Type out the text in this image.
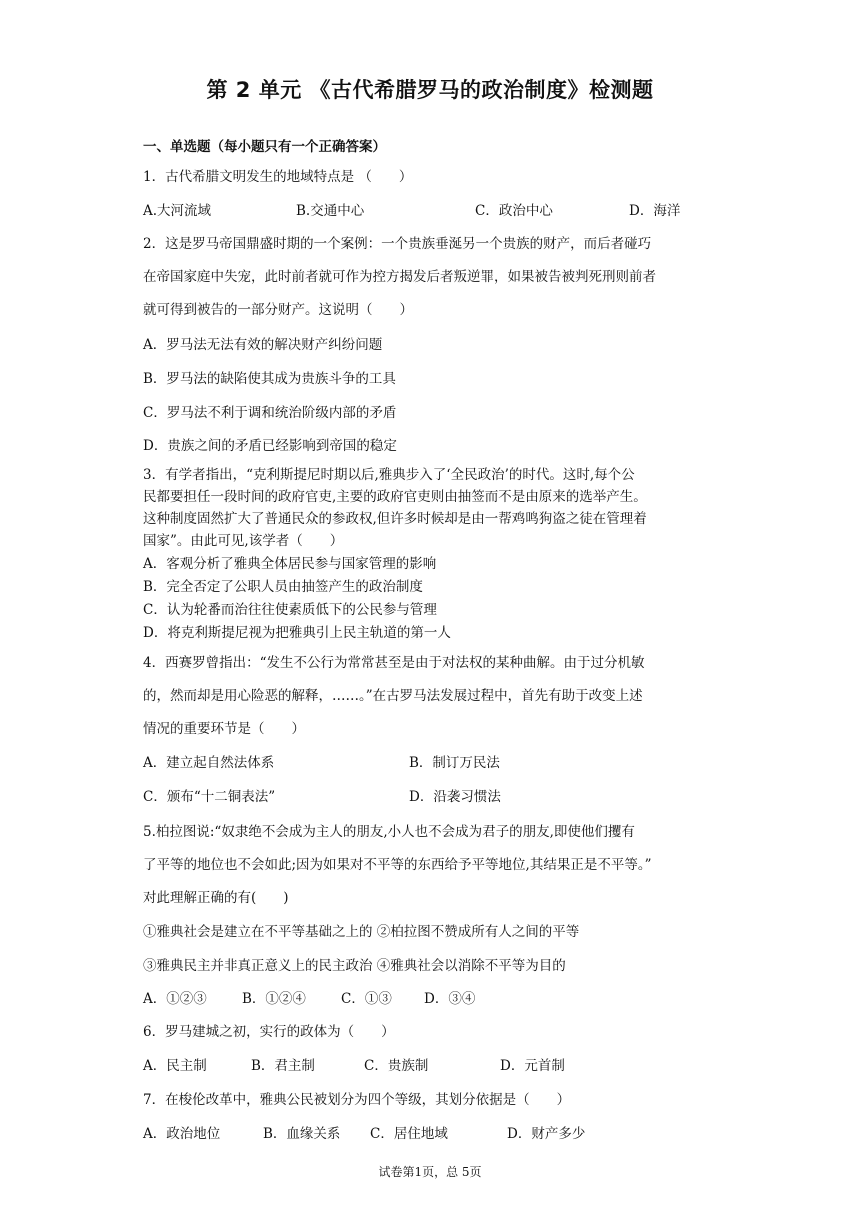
第 2 单元 《古代希腊罗马的政治制度》检测题
一、单选题（每小题只有一个正确答案）
1．古代希腊文明发生的地域特点是 （　　）
A.大河流域	B.交通中心	C．政治中心	D．海洋
2．这是罗马帝国鼎盛时期的一个案例：一个贵族垂涎另一个贵族的财产，而后者碰巧
在帝国家庭中失宠，此时前者就可作为控方揭发后者叛逆罪，如果被告被判死刑则前者
就可得到被告的一部分财产。这说明（　　）
A．罗马法无法有效的解决财产纠纷问题
B．罗马法的缺陷使其成为贵族斗争的工具
C．罗马法不利于调和统治阶级内部的矛盾
D．贵族之间的矛盾已经影响到帝国的稳定
3．有学者指出，“克利斯提尼时期以后,雅典步入了‘全民政治’的时代。这时,每个公
民都要担任一段时间的政府官吏,主要的政府官吏则由抽签而不是由原来的选举产生。
这种制度固然扩大了普通民众的参政权,但许多时候却是由一帮鸡鸣狗盗之徒在管理着
国家”。由此可见,该学者（　　）
A．客观分析了雅典全体居民参与国家管理的影响
B．完全否定了公职人员由抽签产生的政治制度
C．认为轮番而治往往使素质低下的公民参与管理
D．将克利斯提尼视为把雅典引上民主轨道的第一人
4．西赛罗曾指出：“发生不公行为常常甚至是由于对法权的某种曲解。由于过分机敏
的，然而却是用心险恶的解释，……。”在古罗马法发展过程中，首先有助于改变上述
情况的重要环节是（　　）
A．建立起自然法体系	B．制订万民法
C．颁布“十二铜表法”	D．沿袭习惯法
5.柏拉图说:“奴隶绝不会成为主人的朋友,小人也不会成为君子的朋友,即使他们攫有
了平等的地位也不会如此;因为如果对不平等的东西给予平等地位,其结果正是不平等。”
对此理解正确的有(　　)
①雅典社会是建立在不平等基础之上的 ②柏拉图不赞成所有人之间的平等
③雅典民主并非真正意义上的民主政治 ④雅典社会以消除不平等为目的
A．①②③	B．①②④	C．①③ D．③④
6．罗马建城之初，实行的政体为（　　）
A．民主制	B．君主制	C．贵族制	D．元首制
7．在梭伦改革中，雅典公民被划分为四个等级，其划分依据是（　　）
A．政治地位	B．血缘关系 C．居住地域	D．财产多少
试卷第1页，总 5页
